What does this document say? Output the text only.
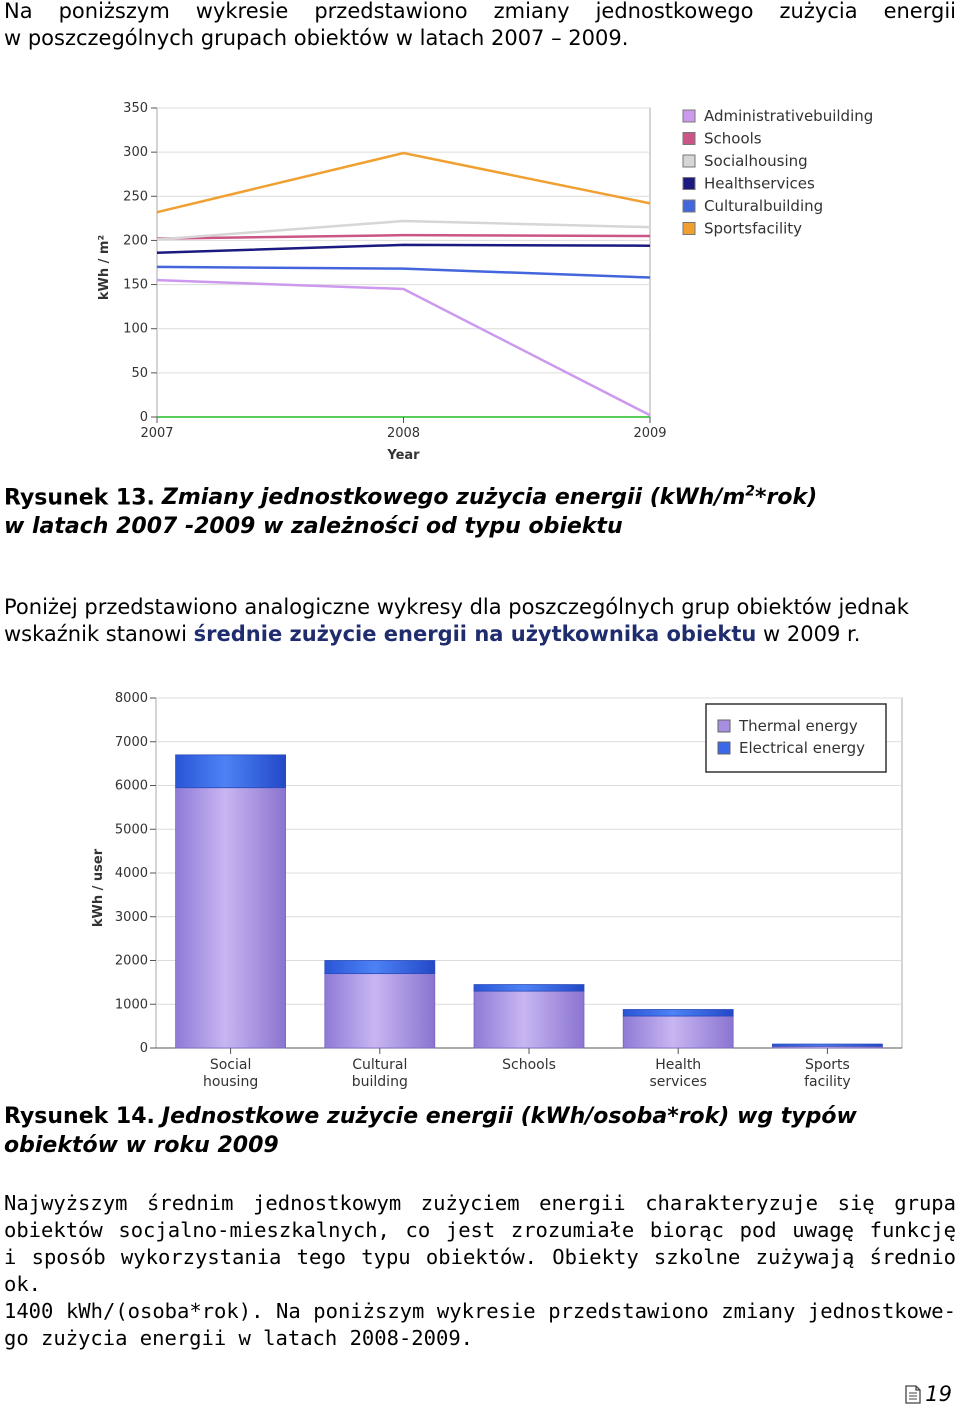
Na poniższym wykresie przedstawiono zmiany jednostkowego zużycia energii
w poszczególnych grupach obiektów w latach 2007 – 2009.

0
50
100
150
200
250
300
350
2007	2008	2009
Year
kWh / m²
Administrativebuilding
Schools
Socialhousing
Healthservices
Culturalbuilding
Sportsfacility

Rysunek 13. Zmiany jednostkowego zużycia energii $(kWh/m^2*rok)$
w latach 2007 -2009 w zależności od typu obiektu

Poniżej przedstawiono analogiczne wykresy dla poszczególnych grup obiektów jednak
wskaźnik stanowi średnie zużycie energii na użytkownika obiektu w 2009 r.

0
1000
2000
3000
4000
5000
6000
7000
8000
kWh / user
Social
housing
Cultural
building
Schools	Health
services
Sports
facility
Thermal energy
Electrical energy

Rysunek 14. Jednostkowe zużycie energii (kWh/osoba*rok) wg typów
obiektów w roku 2009

Najwyższym średnim jednostkowym zużyciem energii charakteryzuje się grupa
obiektów socjalno-mieszkalnych, co jest zrozumiałe biorąc pod uwagę funkcję
i sposób wykorzystania tego typu obiektów. Obiekty szkolne zużywają średnio ok.
1400 kWh/(osoba*rok). Na poniższym wykresie przedstawiono zmiany jednostkowe-
go zużycia energii w latach 2008-2009.
19
